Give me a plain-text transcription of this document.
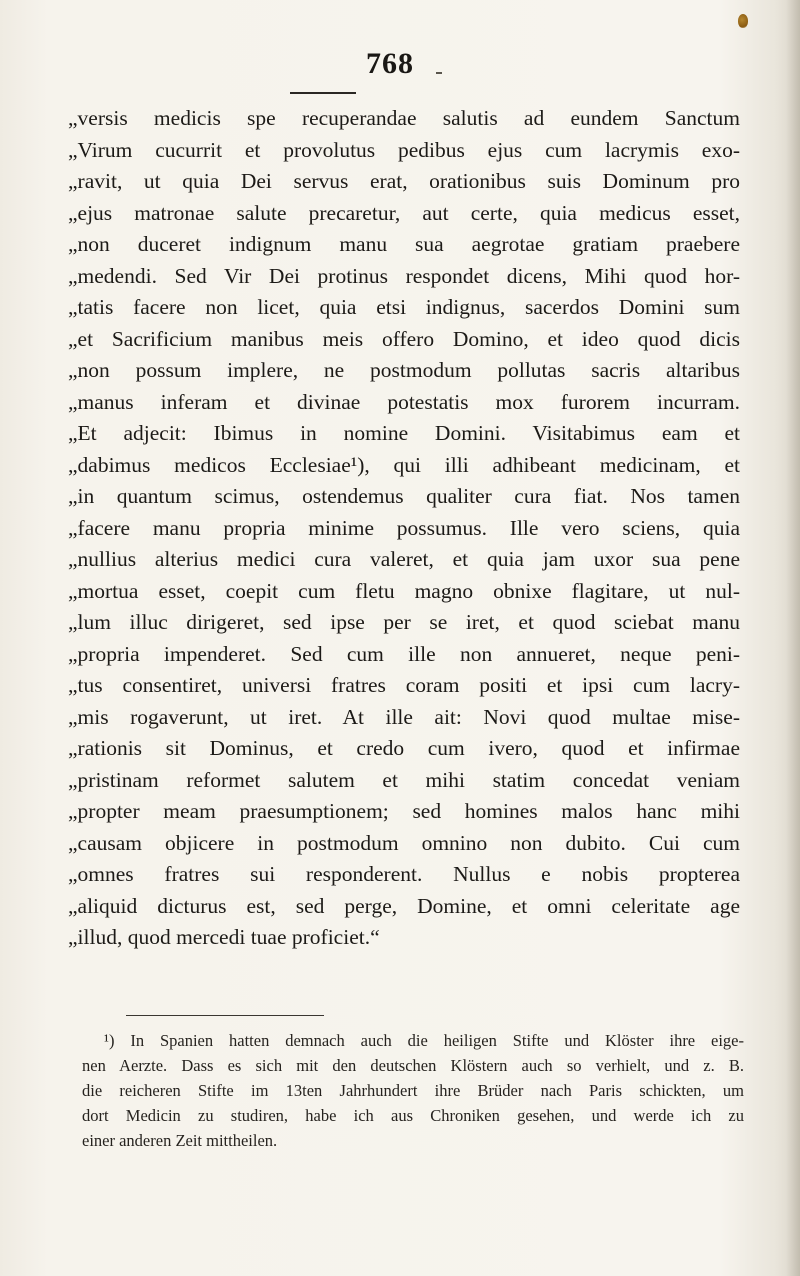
768
„versis medicis spe recuperandae salutis ad eundem Sanctum
„Virum cucurrit et provolutus pedibus ejus cum lacrymis exo-
„ravit, ut quia Dei servus erat, orationibus suis Dominum pro
„ejus matronae salute precaretur, aut certe, quia medicus esset,
„non duceret indignum manu sua aegrotae gratiam praebere
„medendi. Sed Vir Dei protinus respondet dicens, Mihi quod hor-
„tatis facere non licet, quia etsi indignus, sacerdos Domini sum
„et Sacrificium manibus meis offero Domino, et ideo quod dicis
„non possum implere, ne postmodum pollutas sacris altaribus
„manus inferam et divinae potestatis mox furorem incurram.
„Et adjecit: Ibimus in nomine Domini. Visitabimus eam et
„dabimus medicos Ecclesiae¹), qui illi adhibeant medicinam, et
„in quantum scimus, ostendemus qualiter cura fiat. Nos tamen
„facere manu propria minime possumus. Ille vero sciens, quia
„nullius alterius medici cura valeret, et quia jam uxor sua pene
„mortua esset, coepit cum fletu magno obnixe flagitare, ut nul-
„lum illuc dirigeret, sed ipse per se iret, et quod sciebat manu
„propria impenderet. Sed cum ille non annueret, neque peni-
„tus consentiret, universi fratres coram positi et ipsi cum lacry-
„mis rogaverunt, ut iret. At ille ait: Novi quod multae mise-
„rationis sit Dominus, et credo cum ivero, quod et infirmae
„pristinam reformet salutem et mihi statim concedat veniam
„propter meam praesumptionem; sed homines malos hanc mihi
„causam objicere in postmodum omnino non dubito. Cui cum
„omnes fratres sui responderent. Nullus e nobis propterea
„aliquid dicturus est, sed perge, Domine, et omni celeritate age
„illud, quod mercedi tuae proficiet.“
¹) In Spanien hatten demnach auch die heiligen Stifte und Klöster ihre eige-
nen Aerzte. Dass es sich mit den deutschen Klöstern auch so verhielt, und z. B.
die reicheren Stifte im 13ten Jahrhundert ihre Brüder nach Paris schickten, um
dort Medicin zu studiren, habe ich aus Chroniken gesehen, und werde ich zu
einer anderen Zeit mittheilen.
